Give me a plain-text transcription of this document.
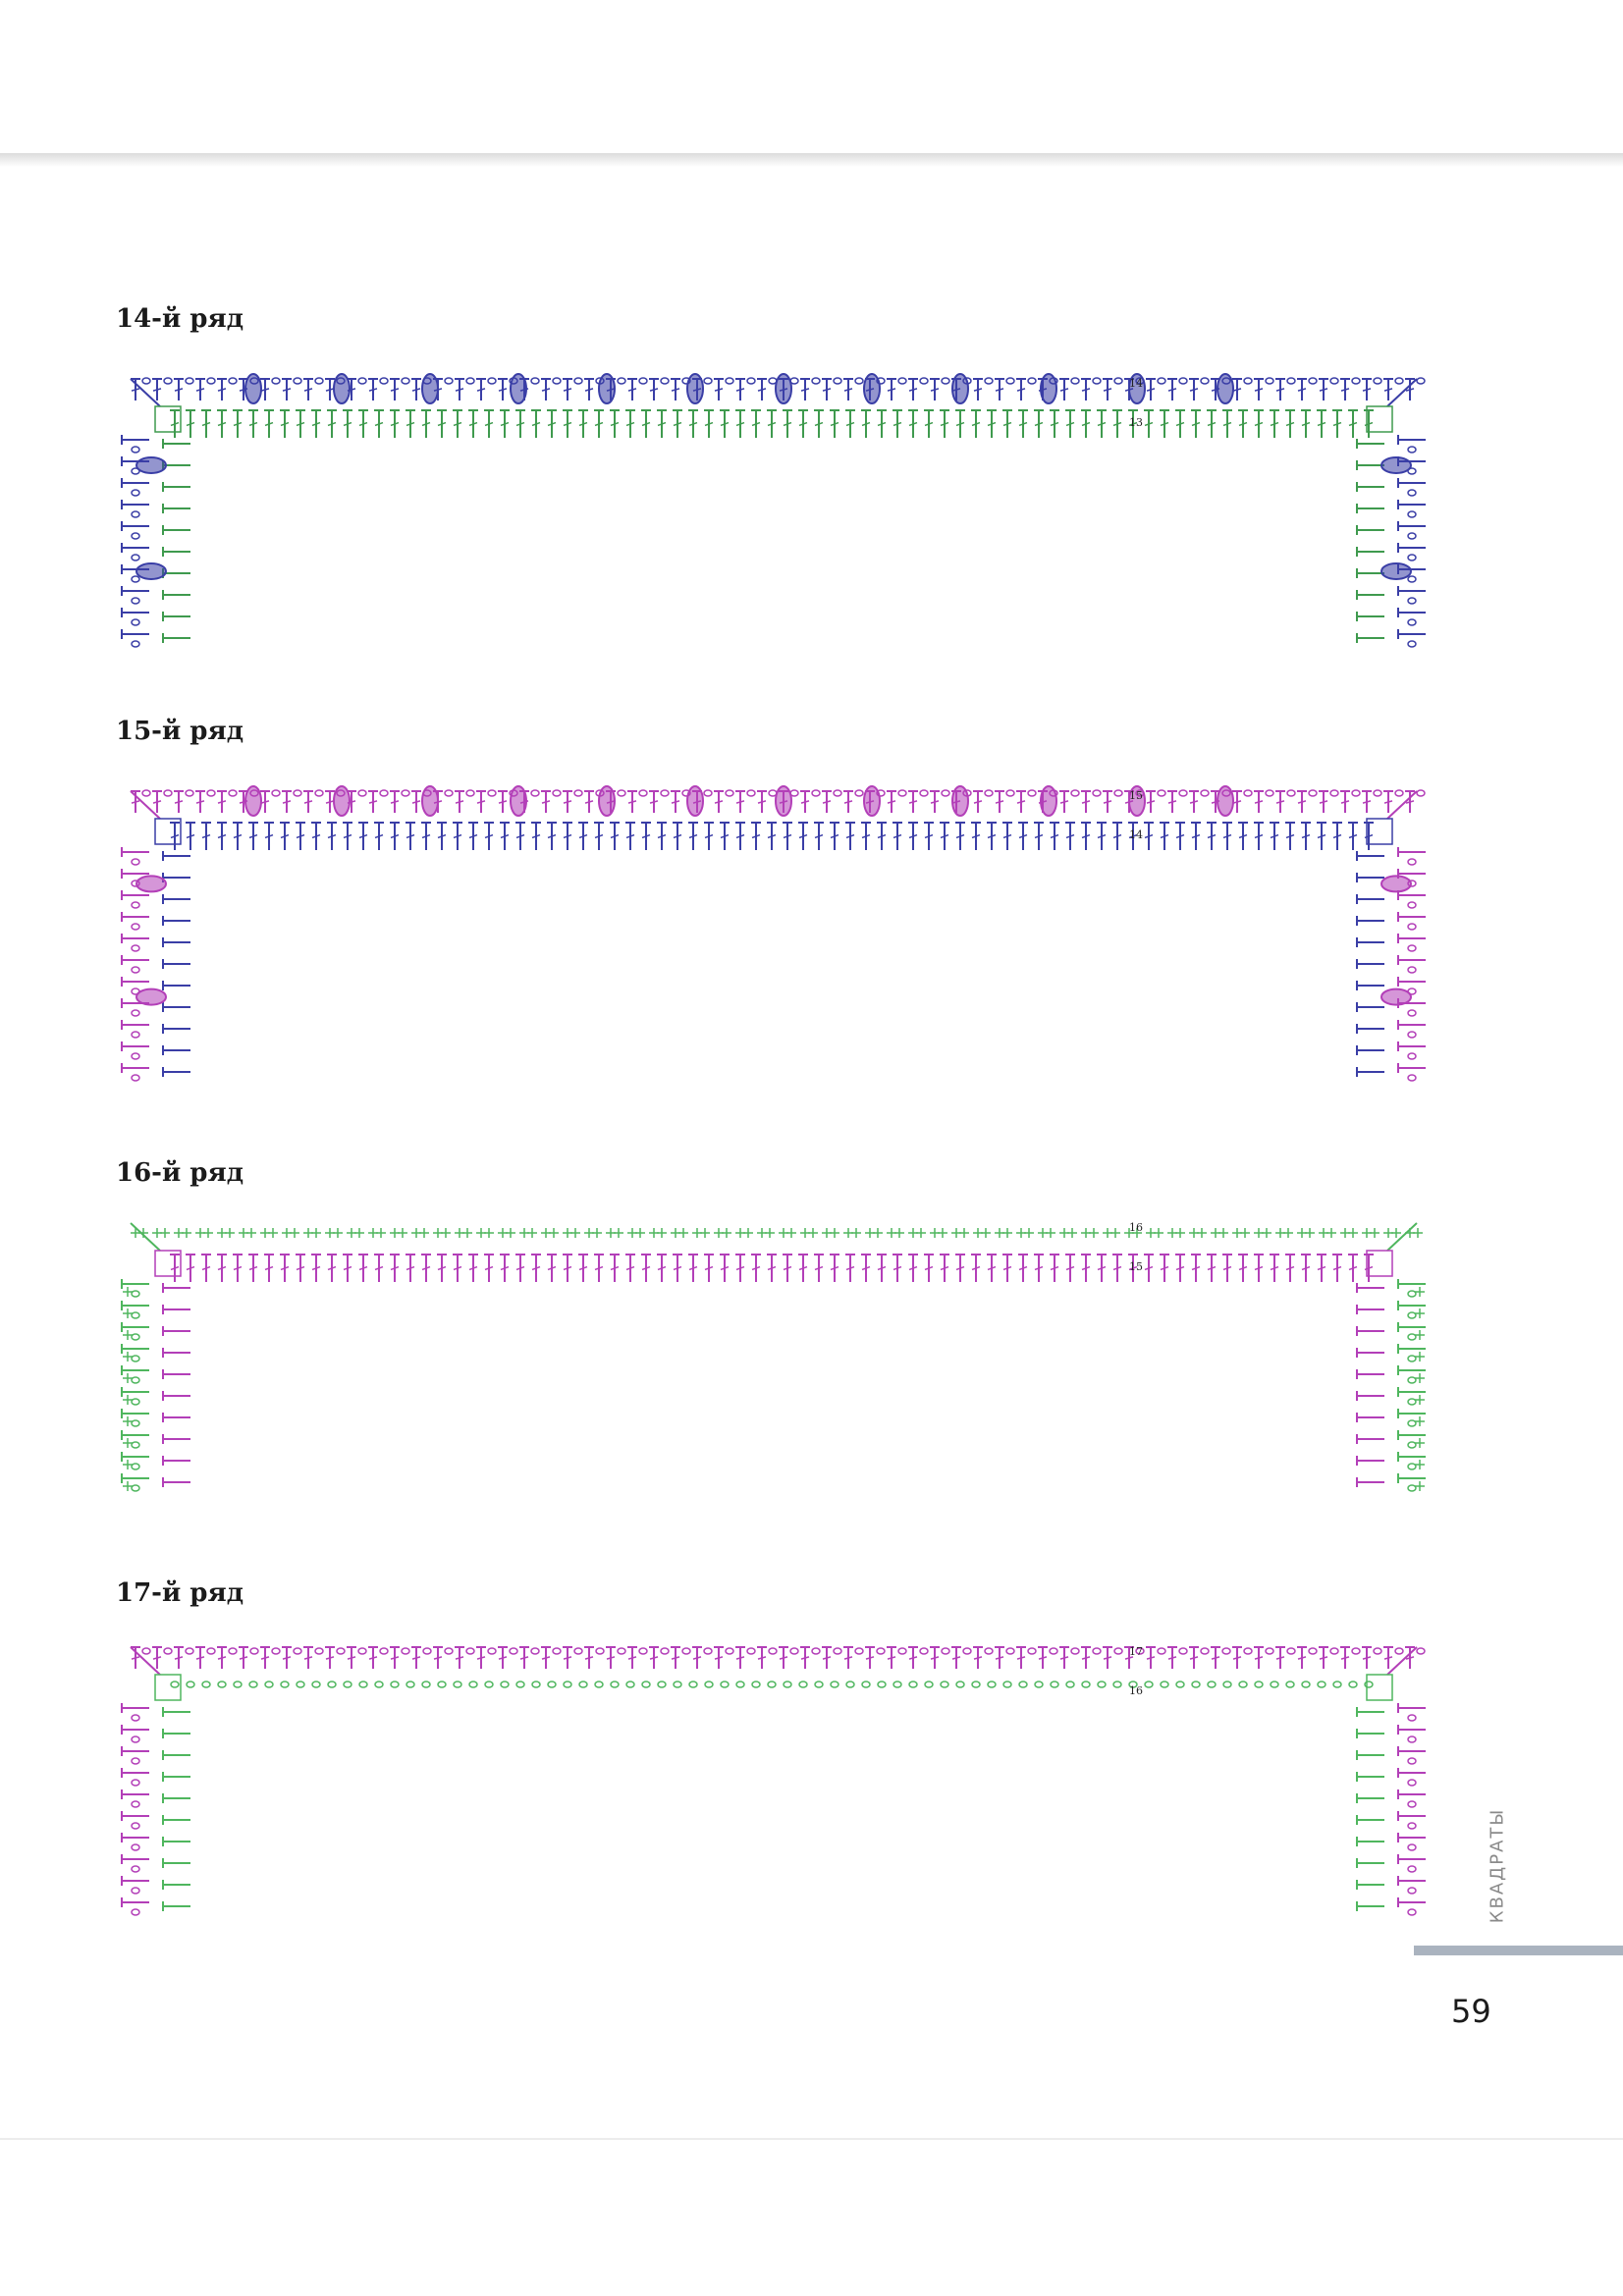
14-й ряд
14
13
15-й ряд
15
14
16-й ряд
16
15
17-й ряд
17
16
КВАДРАТЫ
59
